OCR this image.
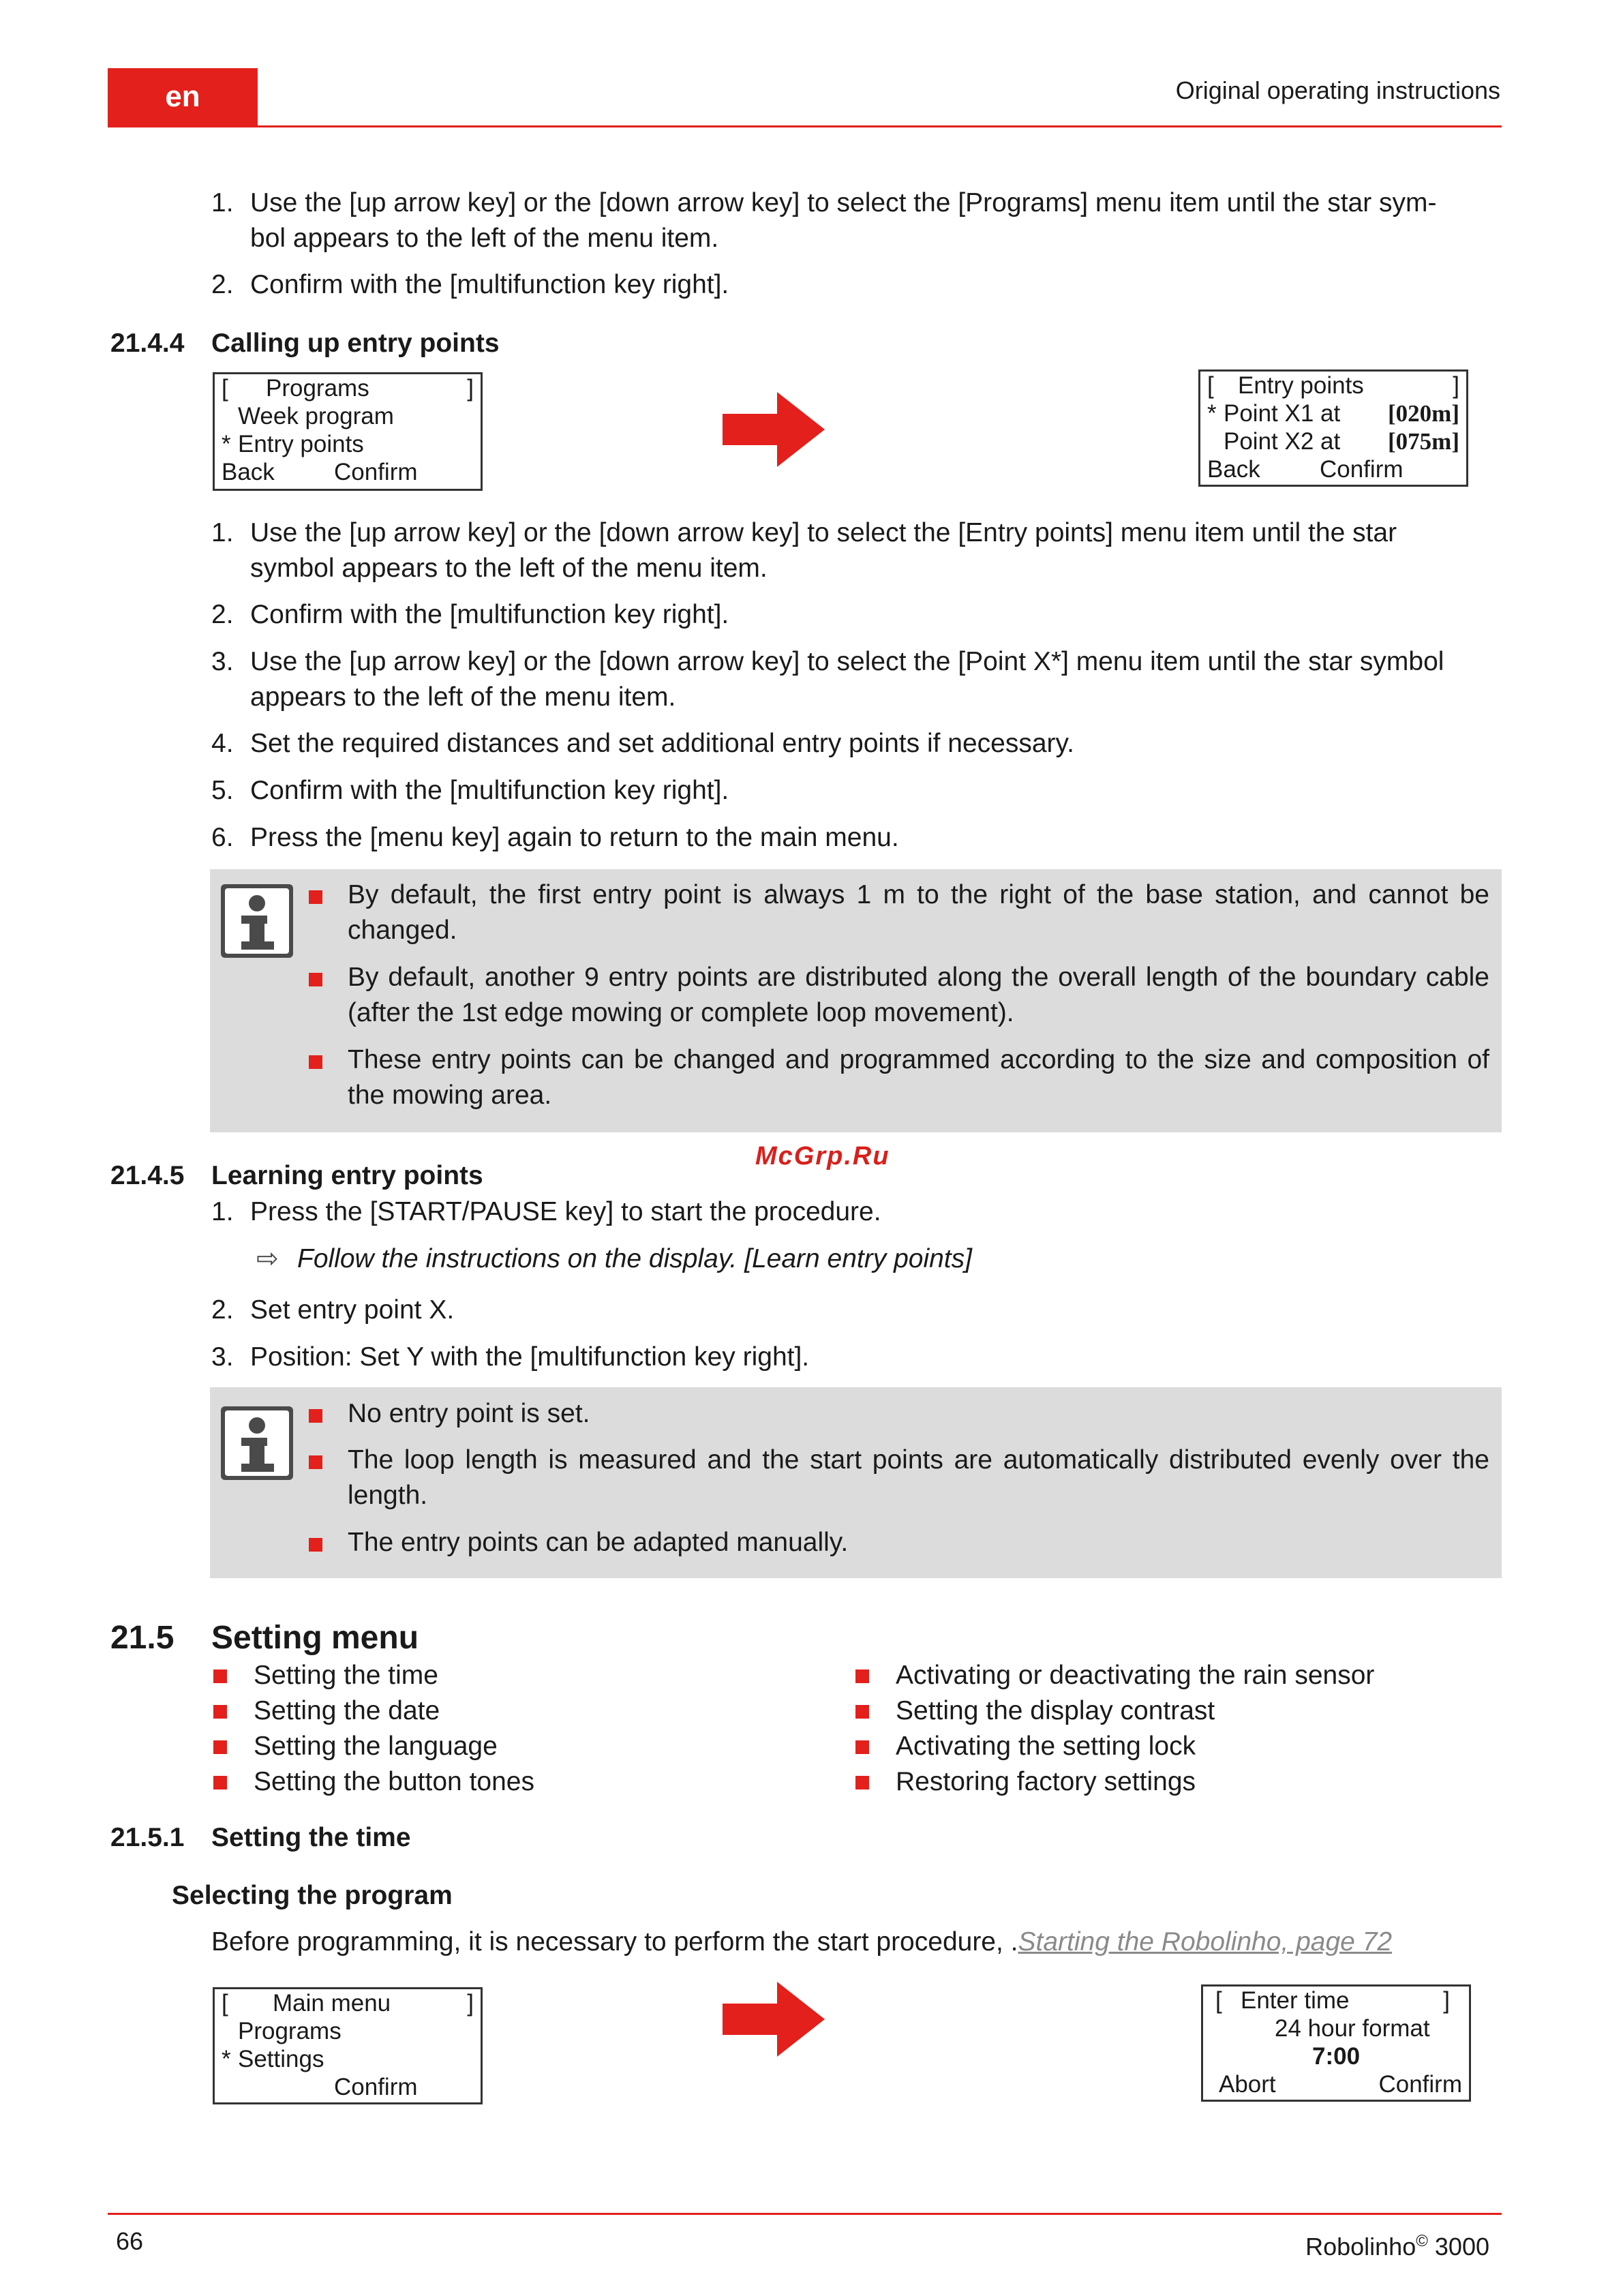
en	Original operating instructions
1. Use the [up arrow key] or the [down arrow key] to select the [Programs] menu item until the star sym-
bol appears to the left of the menu item.
2. Confirm with the [multifunction key right].
21.4.4 Calling up entry points
[ Programs	]
Week program
* Entry points
Back Confirm
[ Entry points	]
* Point X1 at [020m]
Point X2 at [075m]
Back Confirm
1. Use the [up arrow key] or the [down arrow key] to select the [Entry points] menu item until the star
symbol appears to the left of the menu item.
2. Confirm with the [multifunction key right].
3. Use the [up arrow key] or the [down arrow key] to select the [Point X*] menu item until the star symbol
appears to the left of the menu item.
4. Set the required distances and set additional entry points if necessary.
5. Confirm with the [multifunction key right].
6. Press the [menu key] again to return to the main menu.
By default, the first entry point is always 1 m to the right of the base station, and cannot be changed.
By default, another 9 entry points are distributed along the overall length of the boundary cable (after the 1st edge mowing or complete loop movement).
These entry points can be changed and programmed according to the size and composition of the mowing area.
McGrp.Ru
21.4.5 Learning entry points
1. Press the [START/PAUSE key] to start the procedure.
⇨ Follow the instructions on the display. [Learn entry points]
2. Set entry point X.
3. Position: Set Y with the [multifunction key right].
No entry point is set.
The loop length is measured and the start points are automatically distributed evenly over the length.
The entry points can be adapted manually.
21.5 Setting menu
Setting the time
Setting the date
Setting the language
Setting the button tones
Activating or deactivating the rain sensor
Setting the display contrast
Activating the setting lock
Restoring factory settings
21.5.1 Setting the time
Selecting the program
Before programming, it is necessary to perform the start procedure, .Starting the Robolinho, page 72
[ Main menu	]
Programs
* Settings
Confirm
[ Enter time	]
24 hour format
7:00
Abort	Confirm
66	Robolinho© 3000
